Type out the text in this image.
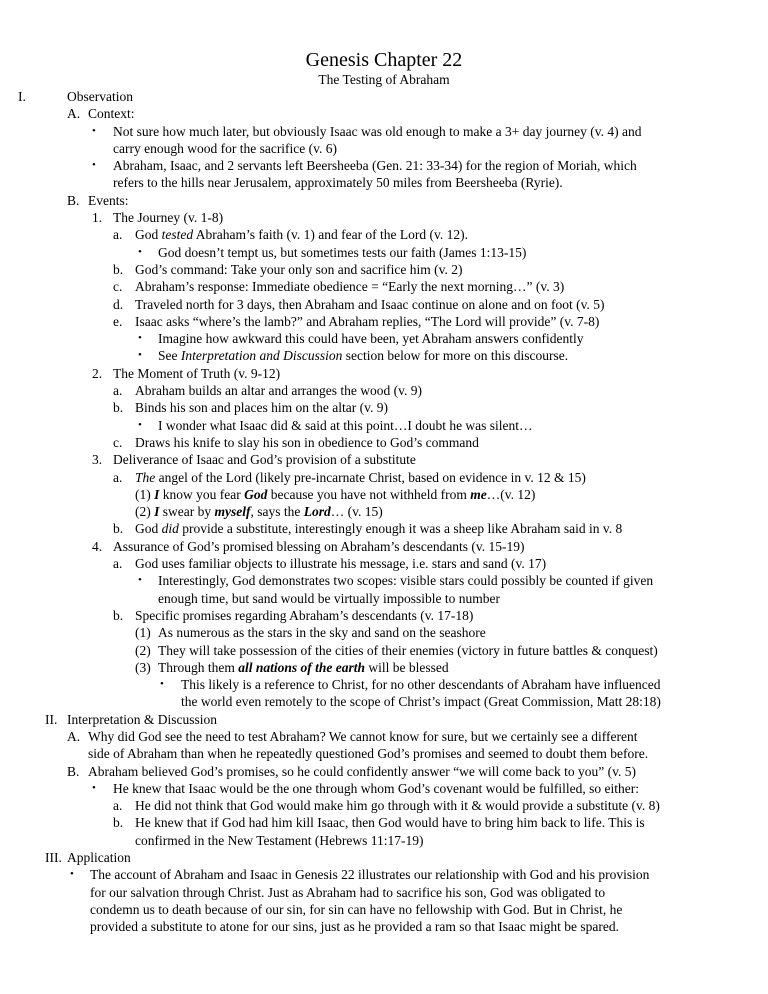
Genesis Chapter 22
The Testing of Abraham
I.	Observation
A. Context:
• Not sure how much later, but obviously Isaac was old enough to make a 3+ day journey (v. 4) and
carry enough wood for the sacrifice (v. 6)
• Abraham, Isaac, and 2 servants left Beersheeba (Gen. 21: 33-34) for the region of Moriah, which
refers to the hills near Jerusalem, approximately 50 miles from Beersheeba (Ryrie).
B. Events:
1. The Journey (v. 1-8)
a. God tested Abraham’s faith (v. 1) and fear of the Lord (v. 12).
• God doesn’t tempt us, but sometimes tests our faith (James 1:13-15)
b. God’s command: Take your only son and sacrifice him (v. 2)
c. Abraham’s response: Immediate obedience = “Early the next morning…” (v. 3)
d. Traveled north for 3 days, then Abraham and Isaac continue on alone and on foot (v. 5)
e. Isaac asks “where’s the lamb?” and Abraham replies, “The Lord will provide” (v. 7-8)
• Imagine how awkward this could have been, yet Abraham answers confidently
• See Interpretation and Discussion section below for more on this discourse.
2. The Moment of Truth (v. 9-12)
a. Abraham builds an altar and arranges the wood (v. 9)
b. Binds his son and places him on the altar (v. 9)
• I wonder what Isaac did & said at this point…I doubt he was silent…
c. Draws his knife to slay his son in obedience to God’s command
3. Deliverance of Isaac and God’s provision of a substitute
a. The angel of the Lord (likely pre-incarnate Christ, based on evidence in v. 12 & 15)
(1) I know you fear God because you have not withheld from me…(v. 12)
(2) I swear by myself, says the Lord… (v. 15)
b. God did provide a substitute, interestingly enough it was a sheep like Abraham said in v. 8
4. Assurance of God’s promised blessing on Abraham’s descendants (v. 15-19)
a. God uses familiar objects to illustrate his message, i.e. stars and sand (v. 17)
• Interestingly, God demonstrates two scopes: visible stars could possibly be counted if given
enough time, but sand would be virtually impossible to number
b. Specific promises regarding Abraham’s descendants (v. 17-18)
(1) As numerous as the stars in the sky and sand on the seashore
(2) They will take possession of the cities of their enemies (victory in future battles & conquest)
(3) Through them all nations of the earth will be blessed
• This likely is a reference to Christ, for no other descendants of Abraham have influenced
the world even remotely to the scope of Christ’s impact (Great Commission, Matt 28:18)
II. Interpretation & Discussion
A. Why did God see the need to test Abraham? We cannot know for sure, but we certainly see a different
side of Abraham than when he repeatedly questioned God’s promises and seemed to doubt them before.
B. Abraham believed God’s promises, so he could confidently answer “we will come back to you” (v. 5)
• He knew that Isaac would be the one through whom God’s covenant would be fulfilled, so either:
a. He did not think that God would make him go through with it & would provide a substitute (v. 8)
b. He knew that if God had him kill Isaac, then God would have to bring him back to life. This is
confirmed in the New Testament (Hebrews 11:17-19)
III. Application
• The account of Abraham and Isaac in Genesis 22 illustrates our relationship with God and his provision
for our salvation through Christ. Just as Abraham had to sacrifice his son, God was obligated to
condemn us to death because of our sin, for sin can have no fellowship with God. But in Christ, he
provided a substitute to atone for our sins, just as he provided a ram so that Isaac might be spared.
